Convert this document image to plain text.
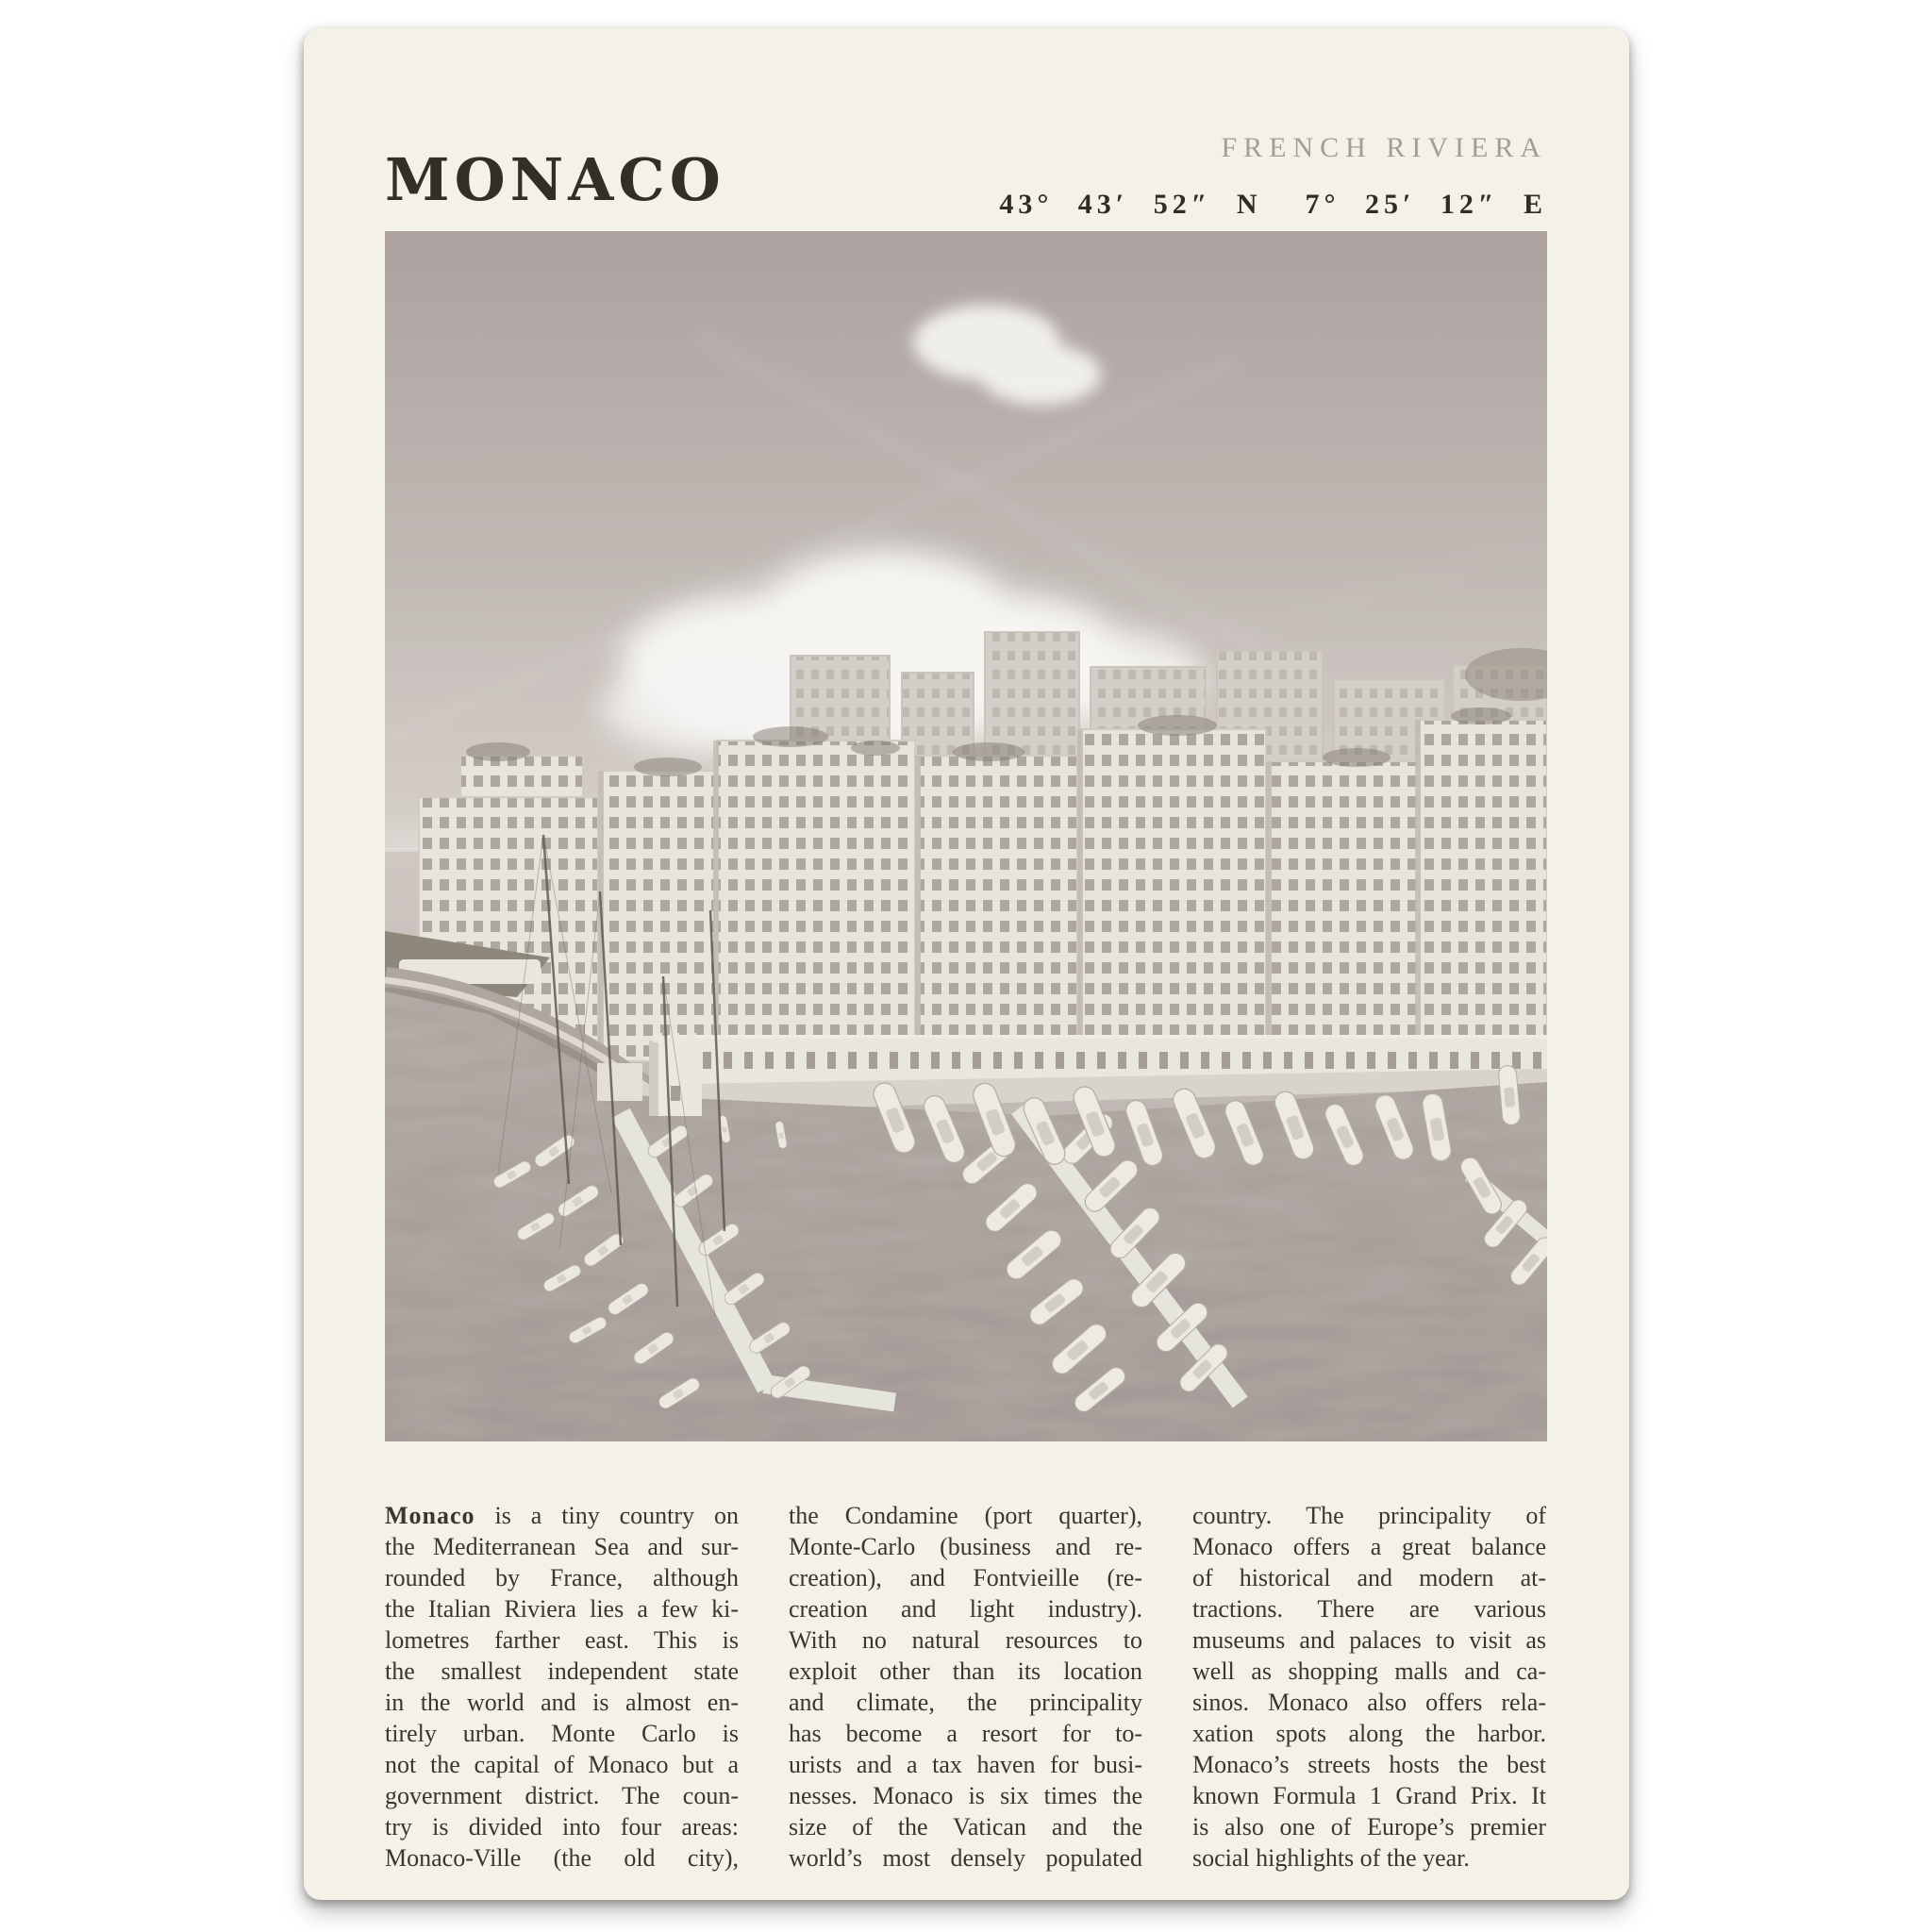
MONACO	FRENCH RIVIERA
43° 43′ 52″ N 7° 25′ 12″ E
Monaco is a tiny country on
the Mediterranean Sea and sur-
rounded by France, although
the Italian Riviera lies a few ki-
lometres farther east. This is
the smallest independent state
in the world and is almost en-
tirely urban. Monte Carlo is
not the capital of Monaco but a
government district. The coun-
try is divided into four areas:
Monaco-Ville (the old city),
the Condamine (port quarter),
Monte-Carlo (business and re-
creation), and Fontvieille (re-
creation and light industry).
With no natural resources to
exploit other than its location
and climate, the principality
has become a resort for to-
urists and a tax haven for busi-
nesses. Monaco is six times the
size of the Vatican and the
world’s most densely populated
country. The principality of
Monaco offers a great balance
of historical and modern at-
tractions. There are various
museums and palaces to visit as
well as shopping malls and ca-
sinos. Monaco also offers rela-
xation spots along the harbor.
Monaco’s streets hosts the best
known Formula 1 Grand Prix. It
is also one of Europe’s premier
social highlights of the year.
